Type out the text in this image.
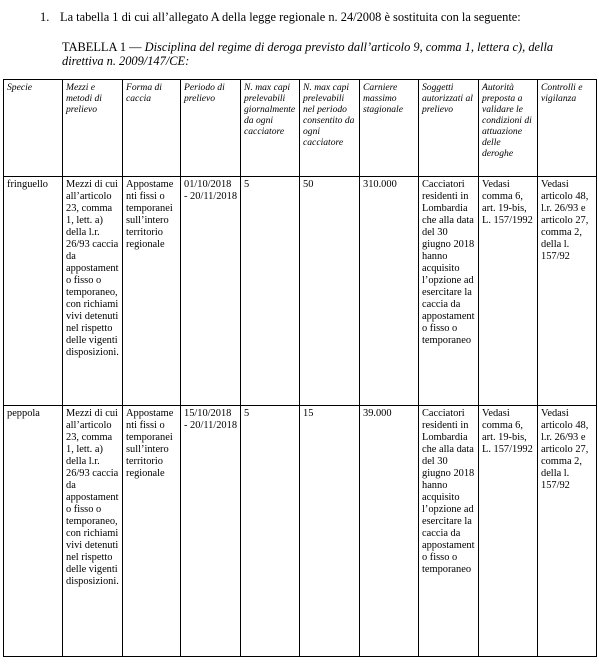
1. La tabella 1 di cui all’allegato A della legge regionale n. 24/2008 è sostituita con la seguente:
TABELLA 1 — Disciplina del regime di deroga previsto dall’articolo 9, comma 1, lettera c), della direttiva n. 2009/147/CE:
Specie	Mezzi e metodi di prelievo	Forma di caccia	Periodo di prelievo	N. max capi prelevabili giornalmente da ogni cacciatore	N. max capi prelevabili nel periodo consentito da ogni cacciatore	Carniere massimo stagionale	Soggetti autorizzati al prelievo	Autorità preposta a validare le condizioni di attuazione delle deroghe	Controlli e vigilanza
fringuello	Mezzi di cui all’articolo 23, comma 1, lett. a) della l.r. 26/93 caccia da appostamento fisso o temporaneo, con richiami vivi detenuti nel rispetto delle vigenti disposizioni.	Appostamenti fissi o temporanei sull’intero territorio regionale	01/10/2018 - 20/11/2018	5	50	310.000	Cacciatori residenti in Lombardia che alla data del 30 giugno 2018 hanno acquisito l’opzione ad esercitare la caccia da appostamento fisso o temporaneo	Vedasi comma 6, art. 19-bis, L. 157/1992	Vedasi articolo 48, l.r. 26/93 e articolo 27, comma 2, della l. 157/92
peppola	Mezzi di cui all’articolo 23, comma 1, lett. a) della l.r. 26/93 caccia da appostamento fisso o temporaneo, con richiami vivi detenuti nel rispetto delle vigenti disposizioni.	Appostamenti fissi o temporanei sull’intero territorio regionale	15/10/2018 - 20/11/2018	5	15	39.000	Cacciatori residenti in Lombardia che alla data del 30 giugno 2018 hanno acquisito l’opzione ad esercitare la caccia da appostamento fisso o temporaneo	Vedasi comma 6, art. 19-bis, L. 157/1992	Vedasi articolo 48, l.r. 26/93 e articolo 27, comma 2, della l. 157/92
